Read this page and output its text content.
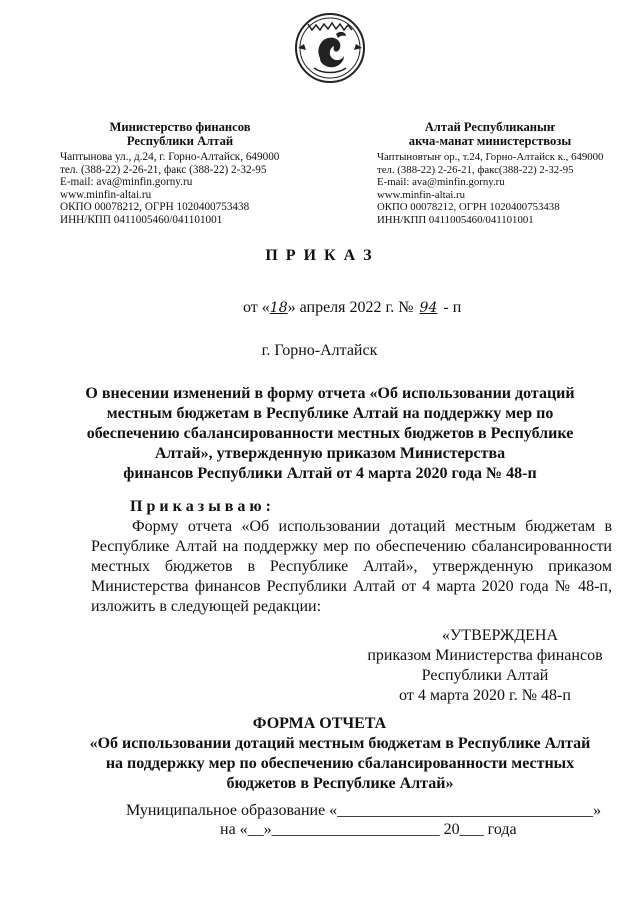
Министерство финансов
Республики Алтай
Чаптынова ул., д.24, г. Горно-Алтайск, 649000
тел. (388-22) 2-26-21, факс (388-22) 2-32-95
E-mail: ava@minfin.gorny.ru
www.minfin-altai.ru
ОКПО 00078212, ОГРН 1020400753438
ИНН/КПП 0411005460/041101001
Алтай Республиканыҥ
акча-манат министерствозы
Чаптыновтыҥ ор., т.24, Горно-Алтайск к., 649000
тел. (388-22) 2-26-21, факс(388-22) 2-32-95
E-mail: ava@minfin.gorny.ru
www.minfin-altai.ru
ОКПО 00078212, ОГРН 1020400753438
ИНН/КПП 0411005460/041101001
П Р И К А З
от «18» апреля 2022 г. № 94 - п
г. Горно-Алтайск
О внесении изменений в форму отчета «Об использовании дотаций
местным бюджетам в Республике Алтай на поддержку мер по
обеспечению сбалансированности местных бюджетов в Республике
Алтай», утвержденную приказом Министерства
финансов Республики Алтай от 4 марта 2020 года № 48-п
П р и к а з ы в а ю :
Форму отчета «Об использовании дотаций местным бюджетам в
Республике Алтай на поддержку мер по обеспечению сбалансированности
местных бюджетов в Республике Алтай», утвержденную приказом
Министерства финансов Республики Алтай от 4 марта 2020 года № 48-п,
изложить в следующей редакции:
«УТВЕРЖДЕНА
приказом Министерства финансов
Республики Алтай
от 4 марта 2020 г. № 48-п
ФОРМА ОТЧЕТА
«Об использовании дотаций местным бюджетам в Республике Алтай
на поддержку мер по обеспечению сбалансированности местных
бюджетов в Республике Алтай»
Муниципальное образование «________________________________»
на «__»_____________________ 20___ года
